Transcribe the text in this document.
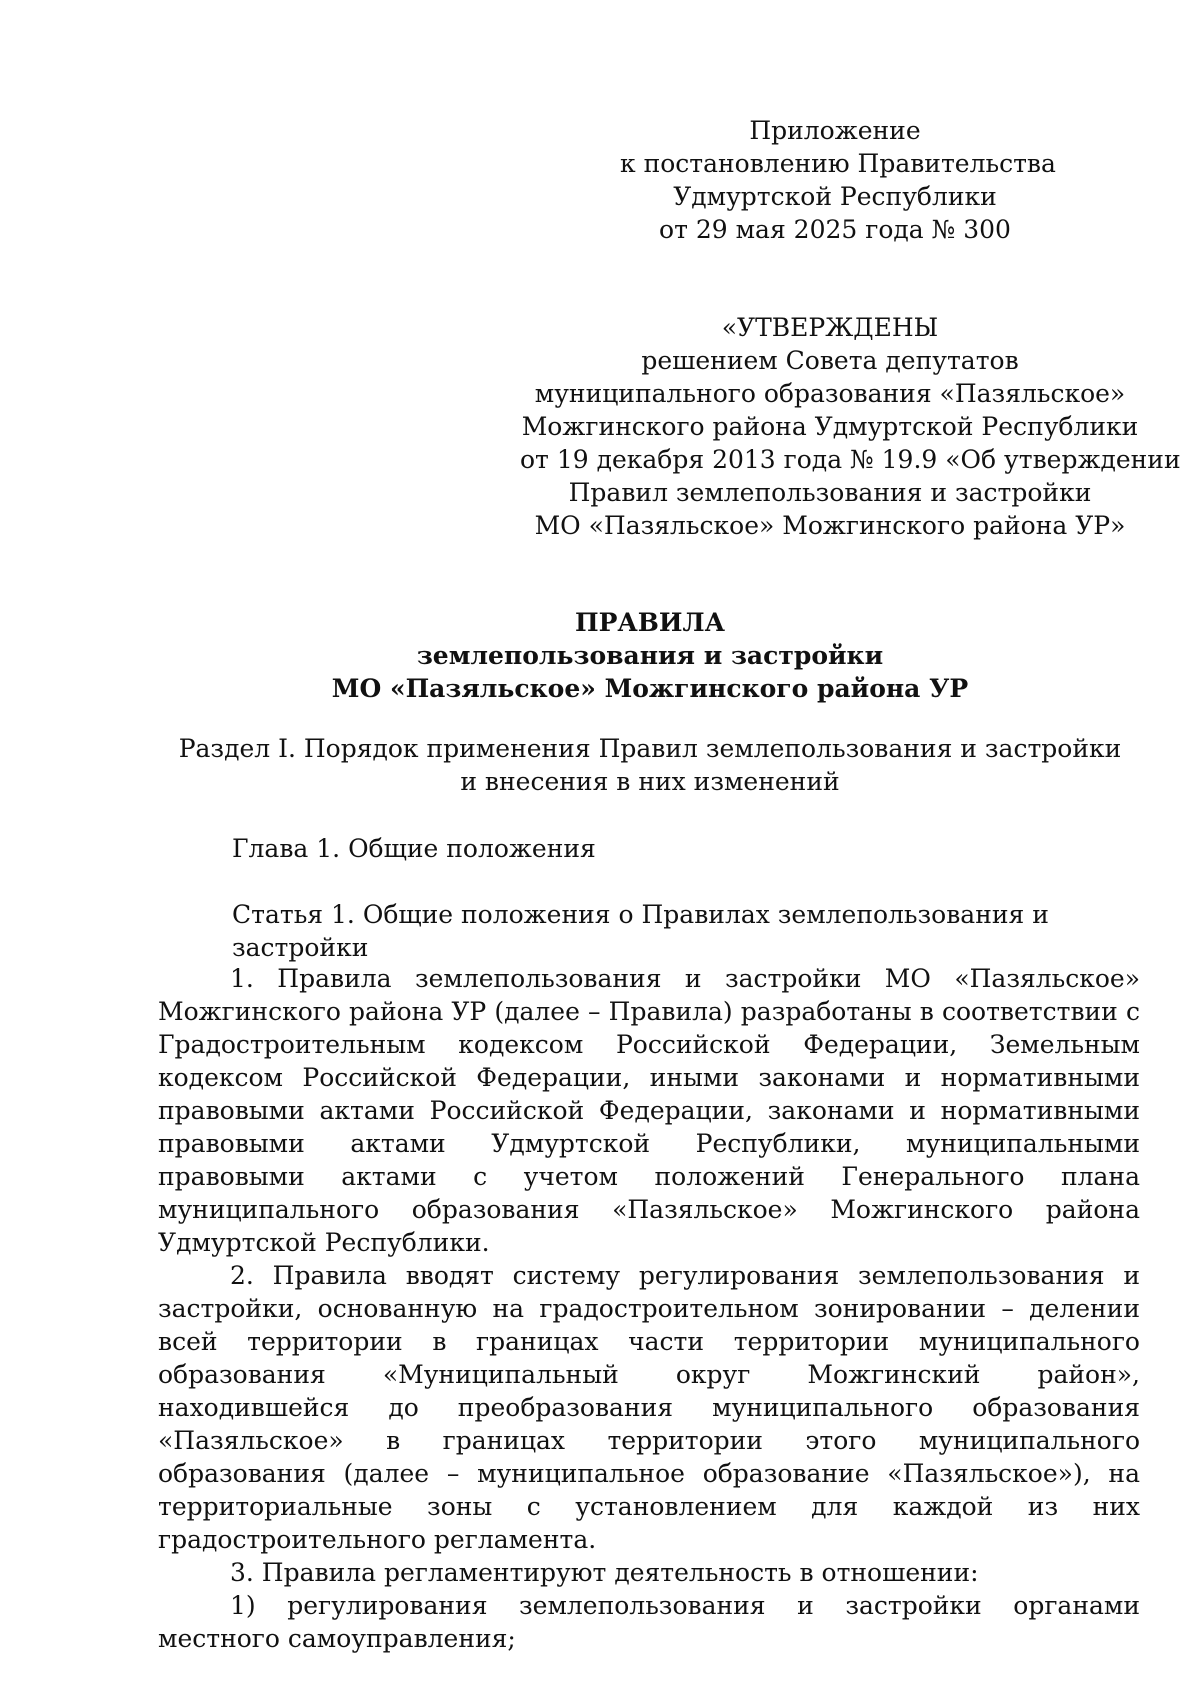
Приложение
к постановлению Правительства
Удмуртской Республики
от 29 мая 2025 года № 300
«УТВЕРЖДЕНЫ
решением Совета депутатов
муниципального образования «Пазяльское»
Можгинского района Удмуртской Республики
от 19 декабря 2013 года № 19.9 «Об утверждении
Правил землепользования и застройки
МО «Пазяльское» Можгинского района УР»
ПРАВИЛА
землепользования и застройки
МО «Пазяльское» Можгинского района УР
Раздел I. Порядок применения Правил землепользования и застройки
и внесения в них изменений
Глава 1. Общие положения
Статья 1. Общие положения о Правилах землепользования и застройки

1. Правила землепользования и застройки МО «Пазяльское» Можгинского района УР (далее – Правила) разработаны в соответствии с Градостроительным кодексом Российской Федерации, Земельным кодексом Российской Федерации, иными законами и нормативными правовыми актами Российской Федерации, законами и нормативными правовыми актами Удмуртской Республики, муниципальными правовыми актами с учетом положений Генерального плана муниципального образования «Пазяльское» Можгинского района Удмуртской Республики.

2. Правила вводят систему регулирования землепользования и застройки, основанную на градостроительном зонировании – делении всей территории в границах части территории муниципального образования «Муниципальный округ Можгинский район», находившейся до преобразования муниципального образования «Пазяльское» в границах территории этого муниципального образования (далее – муниципальное образование «Пазяльское»), на территориальные зоны с установлением для каждой из них градостроительного регламента.

3. Правила регламентируют деятельность в отношении:

1) регулирования землепользования и застройки органами местного самоуправления;
